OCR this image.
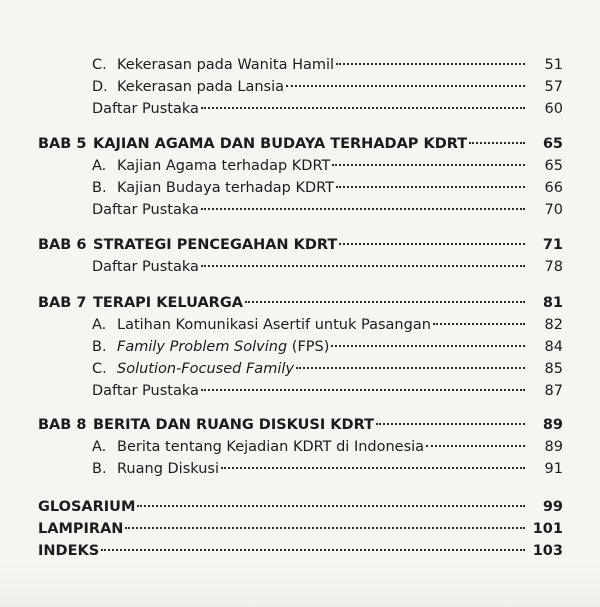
C. Kekerasan pada Wanita Hamil	51
D. Kekerasan pada Lansia	57
Daftar Pustaka	60
BAB 5 KAJIAN AGAMA DAN BUDAYA TERHADAP KDRT	65
A. Kajian Agama terhadap KDRT	65
B. Kajian Budaya terhadap KDRT	66
Daftar Pustaka	70
BAB 6 STRATEGI PENCEGAHAN KDRT	71
Daftar Pustaka	78
BAB 7 TERAPI KELUARGA	81
A. Latihan Komunikasi Asertif untuk Pasangan	82
B. Family Problem Solving (FPS)	84
C. Solution-Focused Family	85
Daftar Pustaka	87
BAB 8 BERITA DAN RUANG DISKUSI KDRT	89
A. Berita tentang Kejadian KDRT di Indonesia	89
B. Ruang Diskusi	91
GLOSARIUM	99
LAMPIRAN	101
INDEKS	103
